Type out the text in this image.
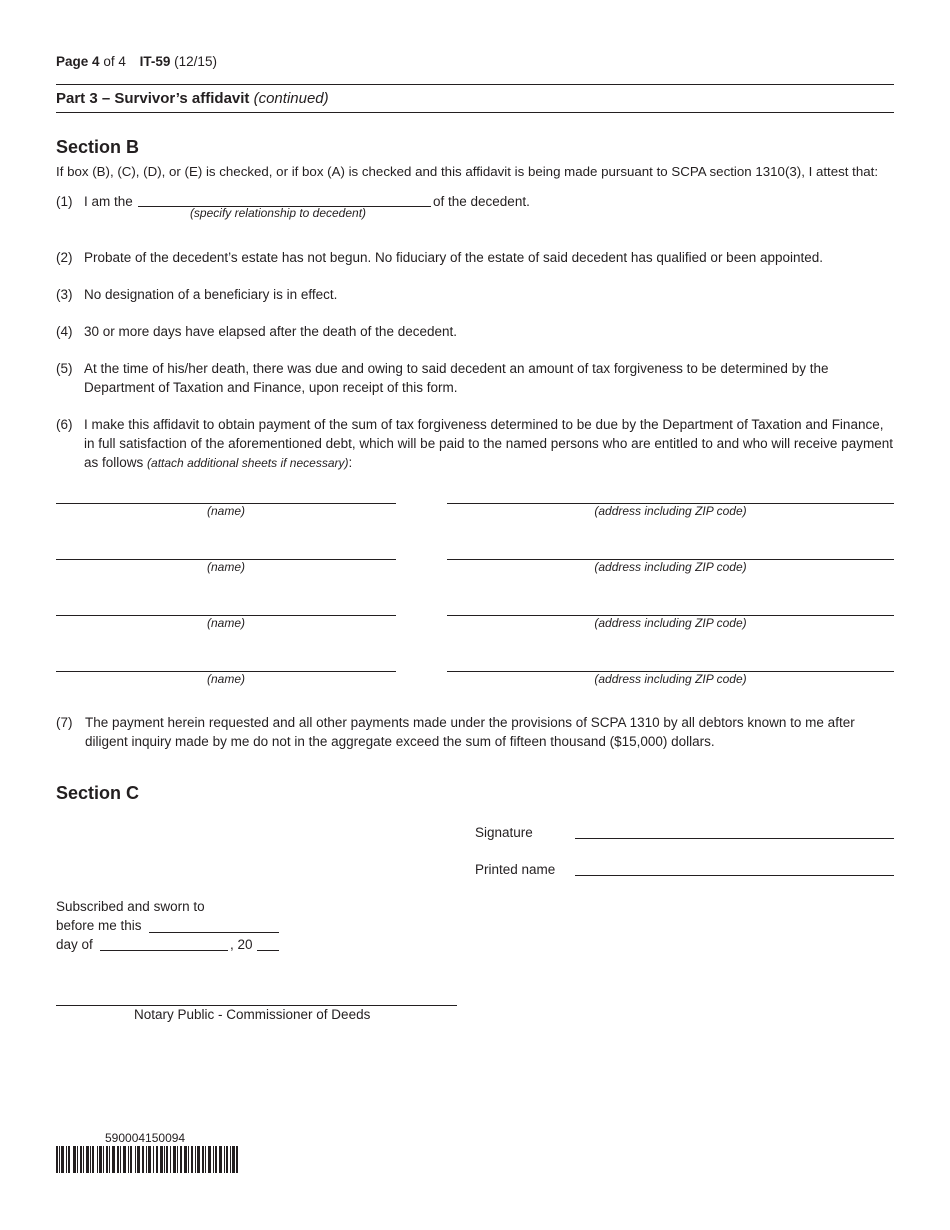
Page 4 of 4 IT-59 (12/15)
Part 3 – Survivor’s affidavit (continued)
Section B
If box (B), (C), (D), or (E) is checked, or if box (A) is checked and this affidavit is being made pursuant to SCPA section 1310(3), I attest that:
(1) I am the	of the decedent.
(specify relationship to decedent)
(2) Probate of the decedent’s estate has not begun. No fiduciary of the estate of said decedent has qualified or been appointed.
(3) No designation of a beneficiary is in effect.
(4) 30 or more days have elapsed after the death of the decedent.
(5) At the time of his/her death, there was due and owing to said decedent an amount of tax forgiveness to be determined by the Department of Taxation and Finance, upon receipt of this form.
(6) I make this affidavit to obtain payment of the sum of tax forgiveness determined to be due by the Department of Taxation and Finance, in full satisfaction of the aforementioned debt, which will be paid to the named persons who are entitled to and who will receive payment as follows (attach additional sheets if necessary):
(name)	(address including ZIP code)
(name)	(address including ZIP code)
(name)	(address including ZIP code)
(name)	(address including ZIP code)
(7) The payment herein requested and all other payments made under the provisions of SCPA 1310 by all debtors known to me after diligent inquiry made by me do not in the aggregate exceed the sum of fifteen thousand ($15,000) dollars.
Section C
Signature
Printed name
Subscribed and sworn to
before me this
day of	, 20
Notary Public - Commissioner of Deeds
590004150094
